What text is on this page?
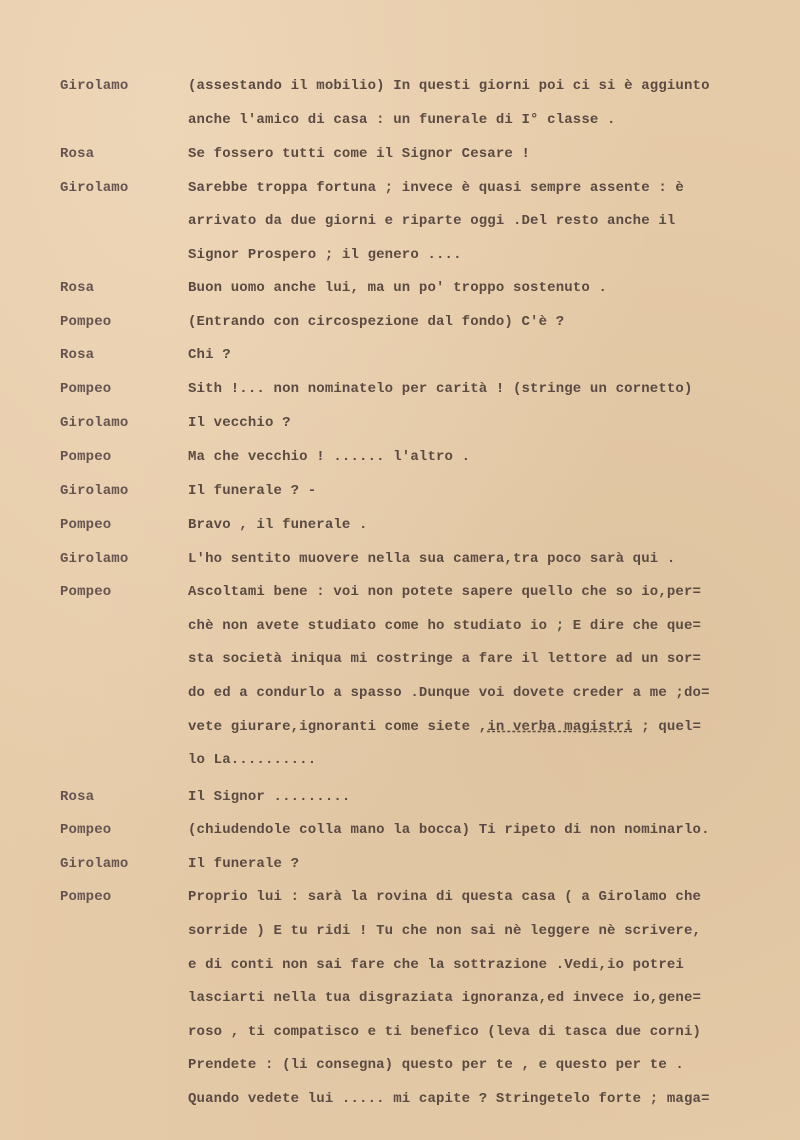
Girolamo	(assestando il mobilio) In questi giorni poi ci si è aggiunto
anche l'amico di casa : un funerale di I° classe .
Rosa	Se fossero tutti come il Signor Cesare !
Girolamo	Sarebbe troppa fortuna ; invece è quasi sempre assente : è
arrivato da due giorni e riparte oggi .Del resto anche il
Signor Prospero ; il genero ....
Rosa	Buon uomo anche lui, ma un po' troppo sostenuto .
Pompeo	(Entrando con circospezione dal fondo) C'è ?
Rosa	Chi ?
Pompeo	Sith !... non nominatelo per carità ! (stringe un cornetto)
Girolamo	Il vecchio ?
Pompeo	Ma che vecchio ! ...... l'altro .
Girolamo	Il funerale ? -
Pompeo	Bravo , il funerale .
Girolamo	L'ho sentito muovere nella sua camera,tra poco sarà qui .
Pompeo	Ascoltami bene : voi non potete sapere quello che so io,per=
chè non avete studiato come ho studiato io ; E dire che que=
sta società iniqua mi costringe a fare il lettore ad un sor=
do ed a condurlo a spasso .Dunque voi dovete creder a me ;do=
vete giurare,ignoranti come siete ,in verba magistri ; quel=
lo La..........
Rosa	Il Signor .........
Pompeo	(chiudendole colla mano la bocca) Ti ripeto di non nominarlo.
Girolamo	Il funerale ?
Pompeo	Proprio lui : sarà la rovina di questa casa ( a Girolamo che
sorride ) E tu ridi ! Tu che non sai nè leggere nè scrivere,
e di conti non sai fare che la sottrazione .Vedi,io potrei
lasciarti nella tua disgraziata ignoranza,ed invece io,gene=
roso , ti compatisco e ti benefico (leva di tasca due corni)
Prendete : (li consegna) questo per te , e questo per te .
Quando vedete lui ..... mi capite ? Stringetelo forte ; maga=
